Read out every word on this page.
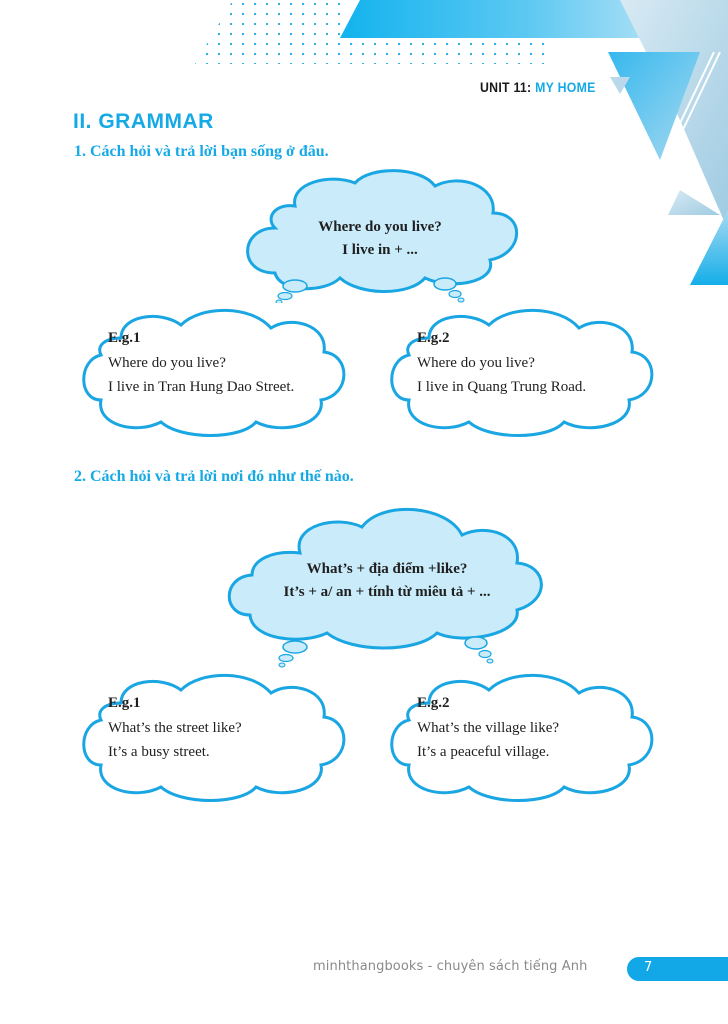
UNIT 11: MY HOME
II. GRAMMAR
1. Cách hỏi và trả lời bạn sống ở đâu.
Where do you live?
I live in + ...
E.g.1
Where do you live?
I live in Tran Hung Dao Street.
E.g.2
Where do you live?
I live in Quang Trung Road.
2. Cách hỏi và trả lời nơi đó như thế nào.
What’s + địa điểm +like?
It’s + a/ an + tính từ miêu tả + ...
E.g.1
What’s the street like?
It’s a busy street.
E.g.2
What’s the village like?
It’s a peaceful village.
minhthangbooks - chuyên sách tiếng Anh	7
